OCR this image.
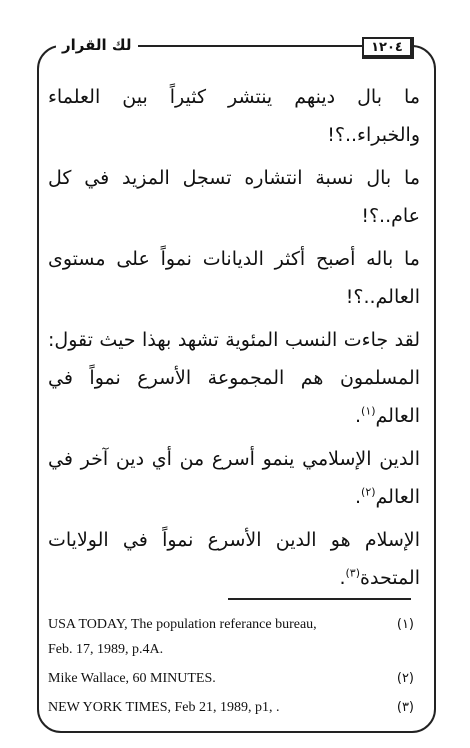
لك القرار	١٢٠٤

ما بال دينهم ينتشر كثيراً بين العلماء والخبراء..؟!

ما بال نسبة انتشاره تسجل المزيد في كل عام..؟!

ما باله أصبح أكثر الديانات نمواً على مستوى العالم..؟!

لقد جاءت النسب المئوية تشهد بهذا حيث تقول: المسلمون هم المجموعة الأسرع نمواً في العالم$^{(١)}$.

الدين الإسلامي ينمو أسرع من أي دين آخر في العالم$^{(٢)}$.

الإسلام هو الدين الأسرع نمواً في الولايات المتحدة$^{(٣)}$.

(١)
USA TODAY, The population referance bureau,
Feb. 17, 1989, p.4A.
(٢)
Mike Wallace, 60 MINUTES.
(٣)
NEW YORK TIMES, Feb 21, 1989, p1, .
